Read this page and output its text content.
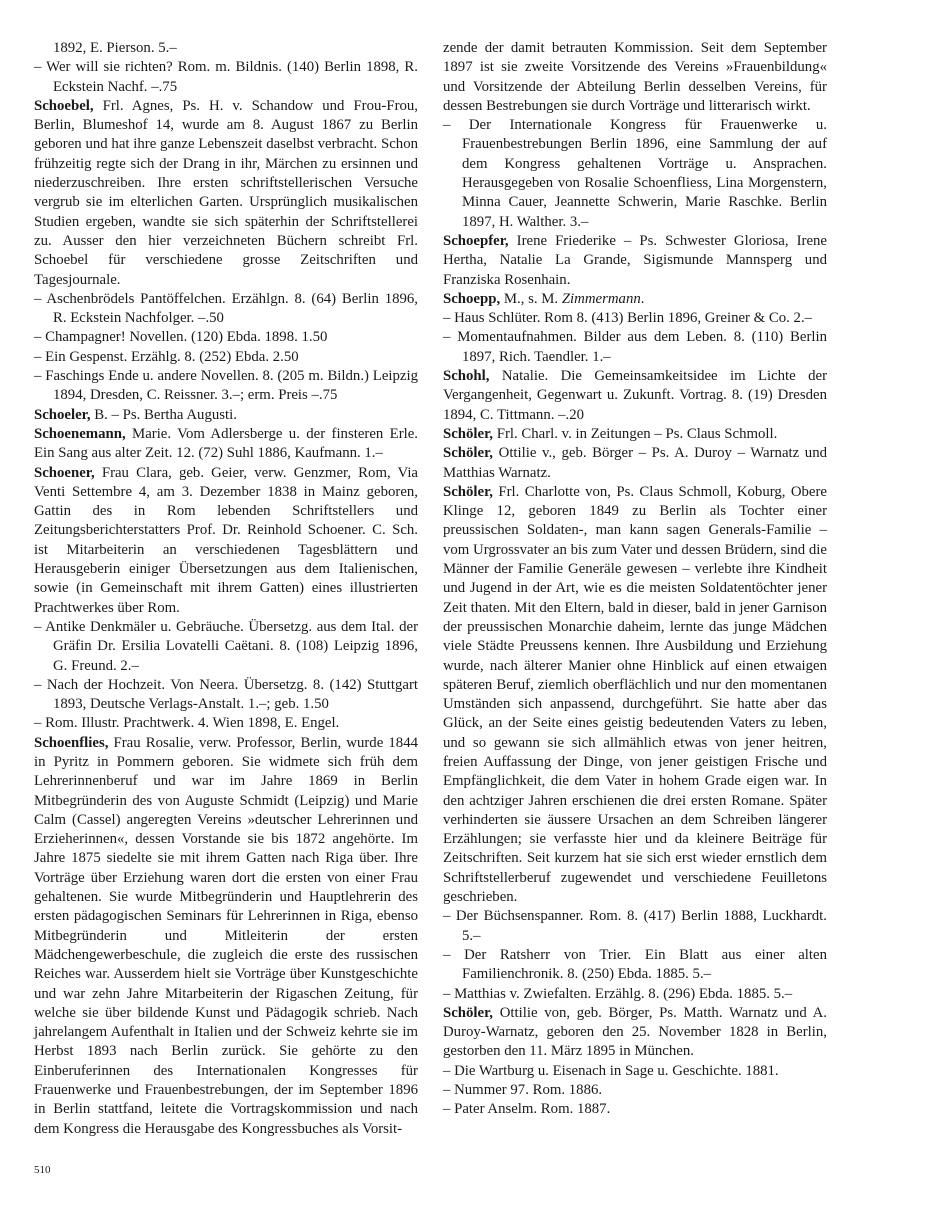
1892, E. Pierson. 5.–

– Wer will sie richten? Rom. m. Bildnis. (140) Berlin 1898, R. Eckstein Nachf. –.75

Schoebel, Frl. Agnes, Ps. H. v. Schandow und Frou-Frou, Berlin, Blumeshof 14, wurde am 8. August 1867 zu Berlin geboren und hat ihre ganze Lebenszeit daselbst verbracht. Schon frühzeitig regte sich der Drang in ihr, Märchen zu ersinnen und niederzuschreiben. Ihre ersten schriftstellerischen Versuche vergrub sie im elterlichen Garten. Ursprünglich musikalischen Studien ergeben, wandte sie sich späterhin der Schriftstellerei zu. Ausser den hier verzeichneten Büchern schreibt Frl. Schoebel für verschiedene grosse Zeitschriften und Tagesjournale.

– Aschenbrödels Pantöffelchen. Erzählgn. 8. (64) Berlin 1896, R. Eckstein Nachfolger. –.50

– Champagner! Novellen. (120) Ebda. 1898. 1.50

– Ein Gespenst. Erzählg. 8. (252) Ebda. 2.50

– Faschings Ende u. andere Novellen. 8. (205 m. Bildn.) Leipzig 1894, Dresden, C. Reissner. 3.–; erm. Preis –.75

Schoeler, B. – Ps. Bertha Augusti.

Schoenemann, Marie. Vom Adlersberge u. der finsteren Erle. Ein Sang aus alter Zeit. 12. (72) Suhl 1886, Kaufmann. 1.–

Schoener, Frau Clara, geb. Geier, verw. Genzmer, Rom, Via Venti Settembre 4, am 3. Dezember 1838 in Mainz geboren, Gattin des in Rom lebenden Schriftstellers und Zeitungsberichterstatters Prof. Dr. Reinhold Schoener. C. Sch. ist Mitarbeiterin an verschiedenen Tagesblättern und Herausgeberin einiger Übersetzungen aus dem Italienischen, sowie (in Gemeinschaft mit ihrem Gatten) eines illustrierten Prachtwerkes über Rom.

– Antike Denkmäler u. Gebräuche. Übersetzg. aus dem Ital. der Gräfin Dr. Ersilia Lovatelli Caëtani. 8. (108) Leipzig 1896, G. Freund. 2.–

– Nach der Hochzeit. Von Neera. Übersetzg. 8. (142) Stuttgart 1893, Deutsche Verlags-Anstalt. 1.–; geb. 1.50

– Rom. Illustr. Prachtwerk. 4. Wien 1898, E. Engel.

Schoenflies, Frau Rosalie, verw. Professor, Berlin, wurde 1844 in Pyritz in Pommern geboren. Sie widmete sich früh dem Lehrerinnenberuf und war im Jahre 1869 in Berlin Mitbegründerin des von Auguste Schmidt (Leipzig) und Marie Calm (Cassel) angeregten Vereins »deutscher Lehrerinnen und Erzieherinnen«, dessen Vorstande sie bis 1872 angehörte. Im Jahre 1875 siedelte sie mit ihrem Gatten nach Riga über. Ihre Vorträge über Erziehung waren dort die ersten von einer Frau gehaltenen. Sie wurde Mitbegründerin und Hauptlehrerin des ersten pädagogischen Seminars für Lehrerinnen in Riga, ebenso Mitbegründerin und Mitleiterin der ersten Mädchengewerbeschule, die zugleich die erste des russischen Reiches war. Ausserdem hielt sie Vorträge über Kunstgeschichte und war zehn Jahre Mitarbeiterin der Rigaschen Zeitung, für welche sie über bildende Kunst und Pädagogik schrieb. Nach jahrelangem Aufenthalt in Italien und der Schweiz kehrte sie im Herbst 1893 nach Berlin zurück. Sie gehörte zu den Einberuferinnen des Internationalen Kongresses für Frauenwerke und Frauenbestrebungen, der im September 1896 in Berlin stattfand, leitete die Vortragskommission und nach dem Kongress die Herausgabe des Kongressbuches als Vorsit-

zende der damit betrauten Kommission. Seit dem September 1897 ist sie zweite Vorsitzende des Vereins »Frauenbildung« und Vorsitzende der Abteilung Berlin desselben Vereins, für dessen Bestrebungen sie durch Vorträge und litterarisch wirkt.

– Der Internationale Kongress für Frauenwerke u. Frauenbestrebungen Berlin 1896, eine Sammlung der auf dem Kongress gehaltenen Vorträge u. Ansprachen. Herausgegeben von Rosalie Schoenfliess, Lina Morgenstern, Minna Cauer, Jeannette Schwerin, Marie Raschke. Berlin 1897, H. Walther. 3.–

Schoepfer, Irene Friederike – Ps. Schwester Gloriosa, Irene Hertha, Natalie La Grande, Sigismunde Mannsperg und Franziska Rosenhain.

Schoepp, M., s. M. Zimmermann.

– Haus Schlüter. Rom 8. (413) Berlin 1896, Greiner & Co. 2.–

– Momentaufnahmen. Bilder aus dem Leben. 8. (110) Berlin 1897, Rich. Taendler. 1.–

Schohl, Natalie. Die Gemeinsamkeitsidee im Lichte der Vergangenheit, Gegenwart u. Zukunft. Vortrag. 8. (19) Dresden 1894, C. Tittmann. –.20

Schöler, Frl. Charl. v. in Zeitungen – Ps. Claus Schmoll.

Schöler, Ottilie v., geb. Börger – Ps. A. Duroy – Warnatz und Matthias Warnatz.

Schöler, Frl. Charlotte von, Ps. Claus Schmoll, Koburg, Obere Klinge 12, geboren 1849 zu Berlin als Tochter einer preussischen Soldaten-, man kann sagen Generals-Familie – vom Urgrossvater an bis zum Vater und dessen Brüdern, sind die Männer der Familie Generäle gewesen – verlebte ihre Kindheit und Jugend in der Art, wie es die meisten Soldatentöchter jener Zeit thaten. Mit den Eltern, bald in dieser, bald in jener Garnison der preussischen Monarchie daheim, lernte das junge Mädchen viele Städte Preussens kennen. Ihre Ausbildung und Erziehung wurde, nach älterer Manier ohne Hinblick auf einen etwaigen späteren Beruf, ziemlich oberflächlich und nur den momentanen Umständen sich anpassend, durchgeführt. Sie hatte aber das Glück, an der Seite eines geistig bedeutenden Vaters zu leben, und so gewann sie sich allmählich etwas von jener heitren, freien Auffassung der Dinge, von jener geistigen Frische und Empfänglichkeit, die dem Vater in hohem Grade eigen war. In den achtziger Jahren erschienen die drei ersten Romane. Später verhinderten sie äussere Ursachen an dem Schreiben längerer Erzählungen; sie verfasste hier und da kleinere Beiträge für Zeitschriften. Seit kurzem hat sie sich erst wieder ernstlich dem Schriftstellerberuf zugewendet und verschiedene Feuilletons geschrieben.

– Der Büchsenspanner. Rom. 8. (417) Berlin 1888, Luckhardt. 5.–

– Der Ratsherr von Trier. Ein Blatt aus einer alten Familienchronik. 8. (250) Ebda. 1885. 5.–

– Matthias v. Zwiefalten. Erzählg. 8. (296) Ebda. 1885. 5.–

Schöler, Ottilie von, geb. Börger, Ps. Matth. Warnatz und A. Duroy-Warnatz, geboren den 25. November 1828 in Berlin, gestorben den 11. März 1895 in München.

– Die Wartburg u. Eisenach in Sage u. Geschichte. 1881.

– Nummer 97. Rom. 1886.

– Pater Anselm. Rom. 1887.

510
